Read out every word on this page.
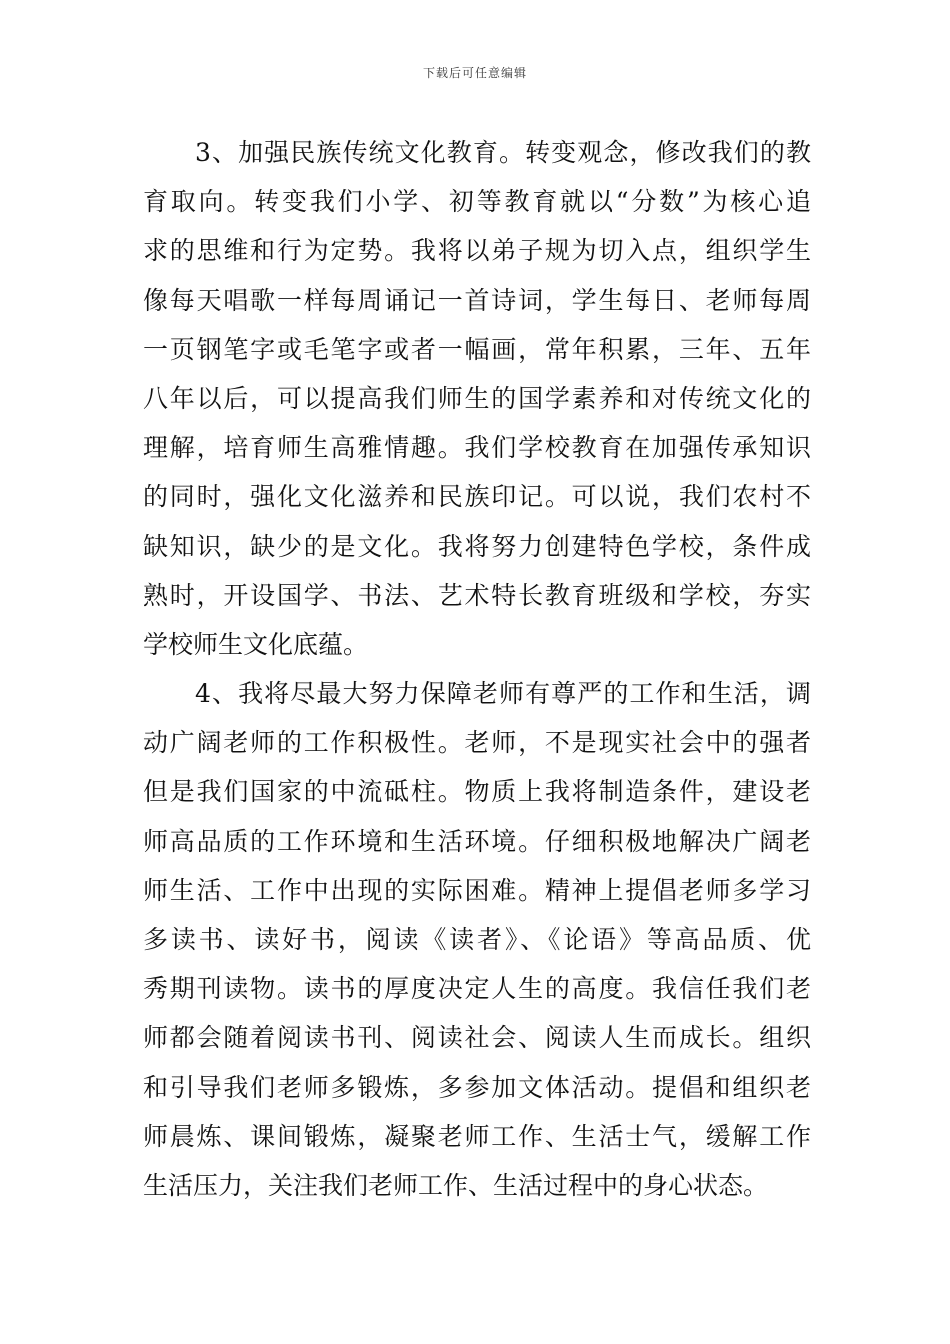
下载后可任意编辑
3、加强民族传统文化教育。转变观念，修改我们的教
育取向。转变我们小学、初等教育就以“分数”为核心追
求的思维和行为定势。我将以弟子规为切入点，组织学生
像每天唱歌一样每周诵记一首诗词，学生每日、老师每周
一页钢笔字或毛笔字或者一幅画，常年积累，三年、五年
八年以后，可以提高我们师生的国学素养和对传统文化的
理解，培育师生高雅情趣。我们学校教育在加强传承知识
的同时，强化文化滋养和民族印记。可以说，我们农村不
缺知识，缺少的是文化。我将努力创建特色学校，条件成
熟时，开设国学、书法、艺术特长教育班级和学校，夯实
学校师生文化底蕴。
4、我将尽最大努力保障老师有尊严的工作和生活，调
动广阔老师的工作积极性。老师，不是现实社会中的强者
但是我们国家的中流砥柱。物质上我将制造条件，建设老
师高品质的工作环境和生活环境。仔细积极地解决广阔老
师生活、工作中出现的实际困难。精神上提倡老师多学习
多读书、读好书，阅读《读者》、《论语》等高品质、优
秀期刊读物。读书的厚度决定人生的高度。我信任我们老
师都会随着阅读书刊、阅读社会、阅读人生而成长。组织
和引导我们老师多锻炼，多参加文体活动。提倡和组织老
师晨炼、课间锻炼，凝聚老师工作、生活士气，缓解工作
生活压力，关注我们老师工作、生活过程中的身心状态。
